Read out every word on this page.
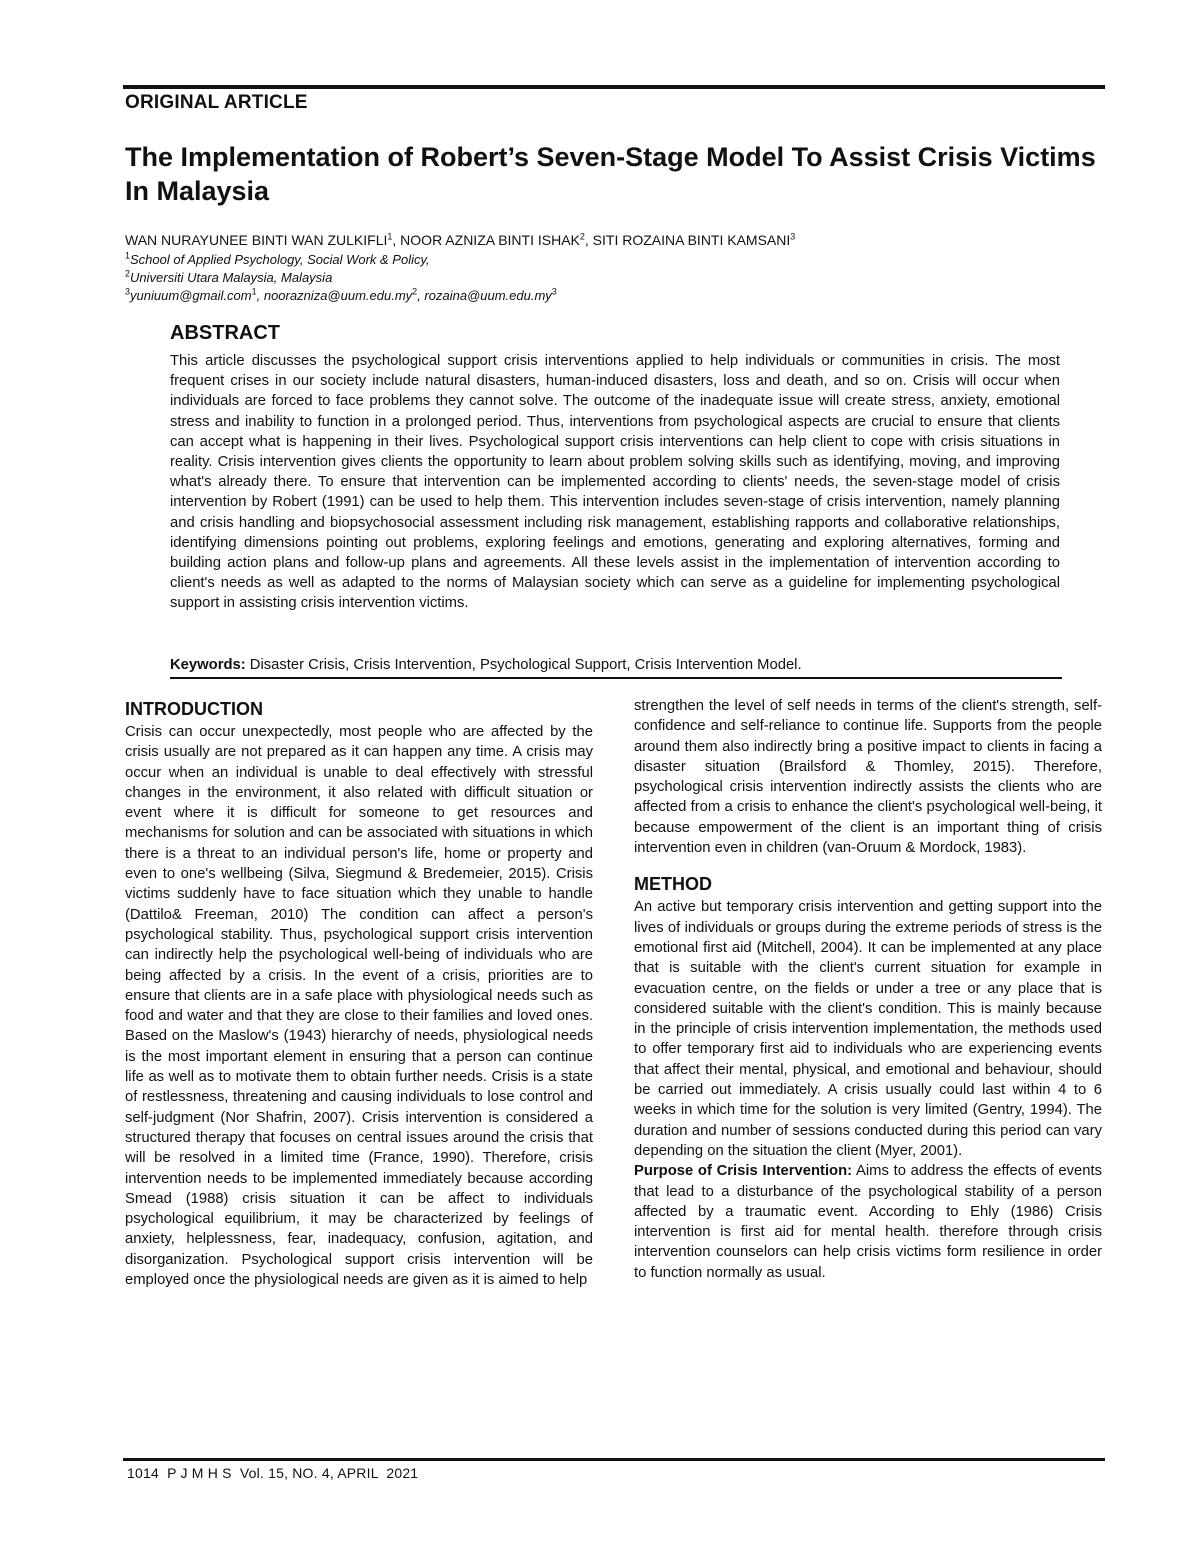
ORIGINAL ARTICLE
The Implementation of Robert’s Seven-Stage Model To Assist Crisis Victims In Malaysia
WAN NURAYUNEE BINTI WAN ZULKIFLI$^1$, NOOR AZNIZA BINTI ISHAK$^2$, SITI ROZAINA BINTI KAMSANI$^3$
$^1$School of Applied Psychology, Social Work & Policy,
$^2$Universiti Utara Malaysia, Malaysia
$^3$yuniuum@gmail.com$^1$, $noorazniza@uum.edu.my^2$, $rozaina@uum.edu.my^3$
ABSTRACT

This article discusses the psychological support crisis interventions applied to help individuals or communities in crisis. The most frequent crises in our society include natural disasters, human-induced disasters, loss and death, and so on. Crisis will occur when individuals are forced to face problems they cannot solve. The outcome of the inadequate issue will create stress, anxiety, emotional stress and inability to function in a prolonged period. Thus, interventions from psychological aspects are crucial to ensure that clients can accept what is happening in their lives. Psychological support crisis interventions can help client to cope with crisis situations in reality. Crisis intervention gives clients the opportunity to learn about problem solving skills such as identifying, moving, and improving what's already there. To ensure that intervention can be implemented according to clients' needs, the seven-stage model of crisis intervention by Robert (1991) can be used to help them. This intervention includes seven-stage of crisis intervention, namely planning and crisis handling and biopsychosocial assessment including risk management, establishing rapports and collaborative relationships, identifying dimensions pointing out problems, exploring feelings and emotions, generating and exploring alternatives, forming and building action plans and follow-up plans and agreements. All these levels assist in the implementation of intervention according to client's needs as well as adapted to the norms of Malaysian society which can serve as a guideline for implementing psychological support in assisting crisis intervention victims.

Keywords: Disaster Crisis, Crisis Intervention, Psychological Support, Crisis Intervention Model.
INTRODUCTION

Crisis can occur unexpectedly, most people who are affected by the crisis usually are not prepared as it can happen any time. A crisis may occur when an individual is unable to deal effectively with stressful changes in the environment, it also related with difficult situation or event where it is difficult for someone to get resources and mechanisms for solution and can be associated with situations in which there is a threat to an individual person's life, home or property and even to one's wellbeing (Silva, Siegmund & Bredemeier, 2015). Crisis victims suddenly have to face situation which they unable to handle (Dattilo& Freeman, 2010) The condition can affect a person's psychological stability. Thus, psychological support crisis intervention can indirectly help the psychological well-being of individuals who are being affected by a crisis. In the event of a crisis, priorities are to ensure that clients are in a safe place with physiological needs such as food and water and that they are close to their families and loved ones. Based on the Maslow's (1943) hierarchy of needs, physiological needs is the most important element in ensuring that a person can continue life as well as to motivate them to obtain further needs. Crisis is a state of restlessness, threatening and causing individuals to lose control and self-judgment (Nor Shafrin, 2007). Crisis intervention is considered a structured therapy that focuses on central issues around the crisis that will be resolved in a limited time (France, 1990). Therefore, crisis intervention needs to be implemented immediately because according Smead (1988) crisis situation it can be affect to individuals psychological equilibrium, it may be characterized by feelings of anxiety, helplessness, fear, inadequacy, confusion, agitation, and disorganization. Psychological support crisis intervention will be employed once the physiological needs are given as it is aimed to help

strengthen the level of self needs in terms of the client's strength, self-confidence and self-reliance to continue life. Supports from the people around them also indirectly bring a positive impact to clients in facing a disaster situation (Brailsford & Thomley, 2015). Therefore, psychological crisis intervention indirectly assists the clients who are affected from a crisis to enhance the client's psychological well-being, it because empowerment of the client is an important thing of crisis intervention even in children (van-Oruum & Mordock, 1983).

METHOD

An active but temporary crisis intervention and getting support into the lives of individuals or groups during the extreme periods of stress is the emotional first aid (Mitchell, 2004). It can be implemented at any place that is suitable with the client's current situation for example in evacuation centre, on the fields or under a tree or any place that is considered suitable with the client's condition. This is mainly because in the principle of crisis intervention implementation, the methods used to offer temporary first aid to individuals who are experiencing events that affect their mental, physical, and emotional and behaviour, should be carried out immediately. A crisis usually could last within 4 to 6 weeks in which time for the solution is very limited (Gentry, 1994). The duration and number of sessions conducted during this period can vary depending on the situation the client (Myer, 2001).

Purpose of Crisis Intervention: Aims to address the effects of events that lead to a disturbance of the psychological stability of a person affected by a traumatic event. According to Ehly (1986) Crisis intervention is first aid for mental health. therefore through crisis intervention counselors can help crisis victims form resilience in order to function normally as usual.

1014  P J M H S  Vol. 15, NO. 4, APRIL  2021
